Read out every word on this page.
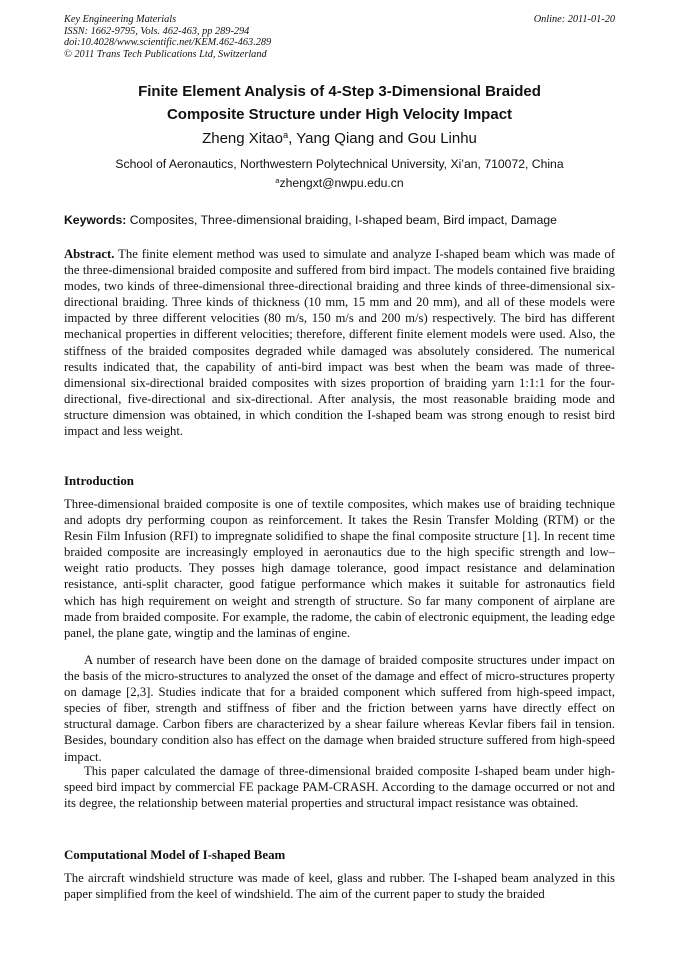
Key Engineering Materials
ISSN: 1662-9795, Vols. 462-463, pp 289-294
doi:10.4028/www.scientific.net/KEM.462-463.289
© 2011 Trans Tech Publications Ltd, Switzerland
Online: 2011-01-20
Finite Element Analysis of 4-Step 3-Dimensional Braided
Composite Structure under High Velocity Impact
Zheng Xitao$^a$, Yang Qiang and Gou Linhu
School of Aeronautics, Northwestern Polytechnical University, Xi’an, 710072, China
$^a$zhengxt@nwpu.edu.cn
Keywords: Composites, Three-dimensional braiding, I-shaped beam, Bird impact, Damage

Abstract. The finite element method was used to simulate and analyze I-shaped beam which was made of the three-dimensional braided composite and suffered from bird impact. The models contained five braiding modes, two kinds of three-dimensional three-directional braiding and three kinds of three-dimensional six-directional braiding. Three kinds of thickness (10 mm, 15 mm and 20 mm), and all of these models were impacted by three different velocities (80 m/s, 150 m/s and 200 m/s) respectively. The bird has different mechanical properties in different velocities; therefore, different finite element models were used. Also, the stiffness of the braided composites degraded while damaged was absolutely considered. The numerical results indicated that, the capability of anti-bird impact was best when the beam was made of three-dimensional six-directional braided composites with sizes proportion of braiding yarn 1:1:1 for the four-directional, five-directional and six-directional. After analysis, the most reasonable braiding mode and structure dimension was obtained, in which condition the I-shaped beam was strong enough to resist bird impact and less weight.

Introduction

Three-dimensional braided composite is one of textile composites, which makes use of braiding technique and adopts dry performing coupon as reinforcement. It takes the Resin Transfer Molding (RTM) or the Resin Film Infusion (RFI) to impregnate solidified to shape the final composite structure [1]. In recent time braided composite are increasingly employed in aeronautics due to the high specific strength and low–weight ratio products. They posses high damage tolerance, good impact resistance and delamination resistance, anti-split character, good fatigue performance which makes it suitable for astronautics field which has high requirement on weight and strength of structure. So far many component of airplane are made from braided composite. For example, the radome, the cabin of electronic equipment, the leading edge panel, the plane gate, wingtip and the laminas of engine.

A number of research have been done on the damage of braided composite structures under impact on the basis of the micro-structures to analyzed the onset of the damage and effect of micro-structures property on damage [2,3]. Studies indicate that for a braided component which suffered from high-speed impact, species of fiber, strength and stiffness of fiber and the friction between yarns have directly effect on structural damage. Carbon fibers are characterized by a shear failure whereas Kevlar fibers fail in tension. Besides, boundary condition also has effect on the damage when braided structure suffered from high-speed impact.

This paper calculated the damage of three-dimensional braided composite I-shaped beam under high-speed bird impact by commercial FE package PAM-CRASH. According to the damage occurred or not and its degree, the relationship between material properties and structural impact resistance was obtained.

Computational Model of I-shaped Beam

The aircraft windshield structure was made of keel, glass and rubber. The I-shaped beam analyzed in this paper simplified from the keel of windshield. The aim of the current paper to study the braided
